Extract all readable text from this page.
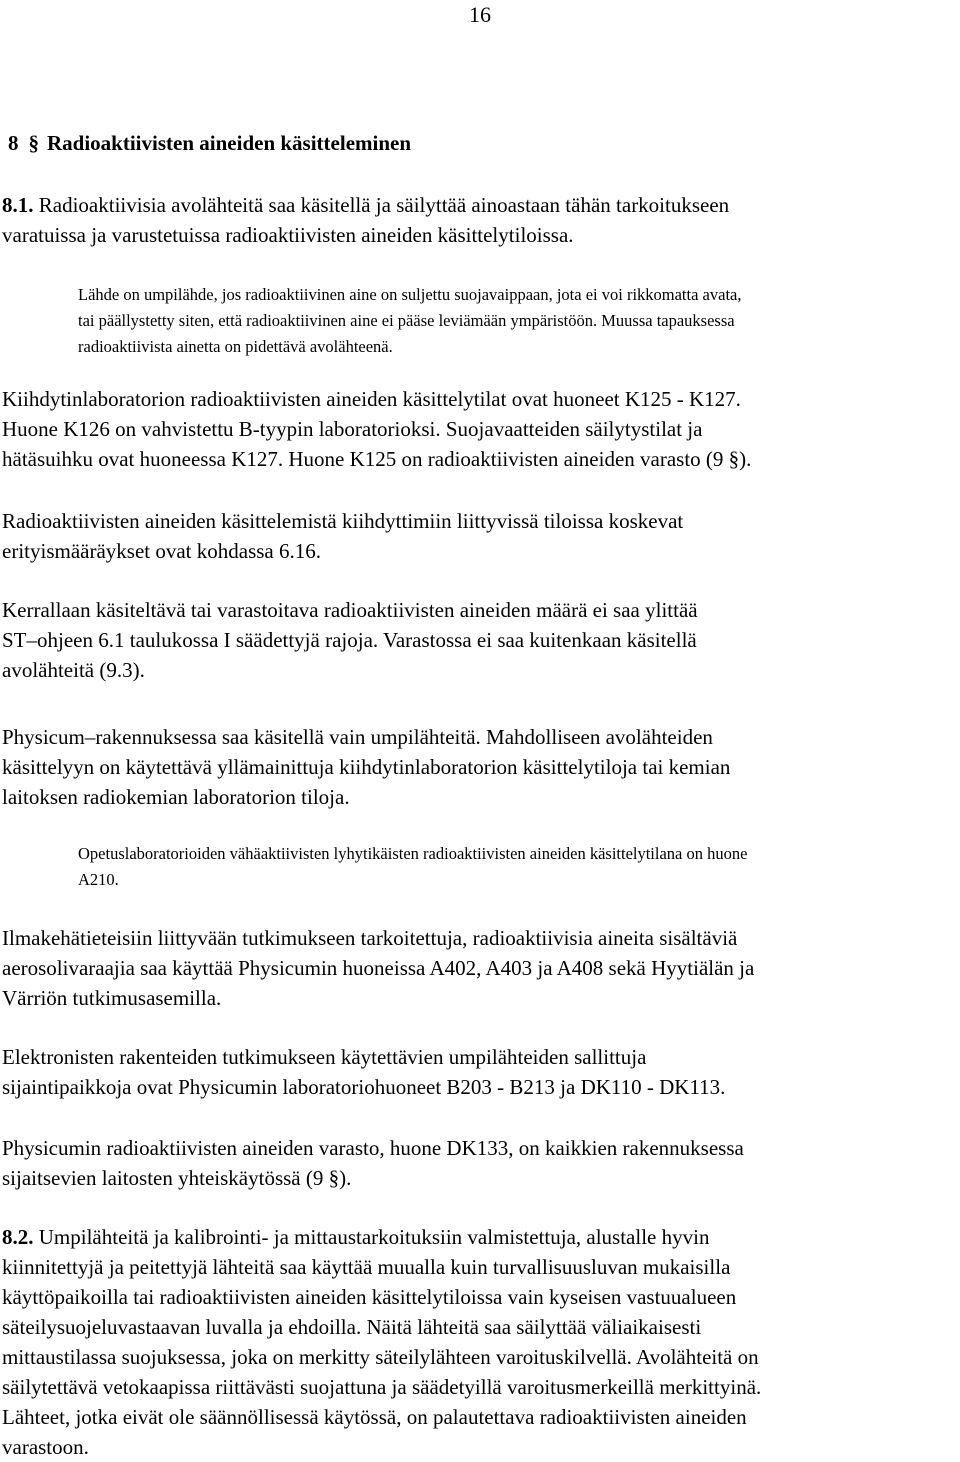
16
8 § Radioaktiivisten aineiden käsitteleminen

8.1. Radioaktiivisia avolähteitä saa käsitellä ja säilyttää ainoastaan tähän tarkoitukseen
varatuissa ja varustetuissa radioaktiivisten aineiden käsittelytiloissa.

Lähde on umpilähde, jos radioaktiivinen aine on suljettu suojavaippaan, jota ei voi rikkomatta avata,
tai päällystetty siten, että radioaktiivinen aine ei pääse leviämään ympäristöön. Muussa tapauksessa
radioaktiivista ainetta on pidettävä avolähteenä.

Kiihdytinlaboratorion radioaktiivisten aineiden käsittelytilat ovat huoneet K125 - K127.
Huone K126 on vahvistettu B-tyypin laboratorioksi. Suojavaatteiden säilytystilat ja
hätäsuihku ovat huoneessa K127. Huone K125 on radioaktiivisten aineiden varasto (9 §).

Radioaktiivisten aineiden käsittelemistä kiihdyttimiin liittyvissä tiloissa koskevat
erityismääräykset ovat kohdassa 6.16.

Kerrallaan käsiteltävä tai varastoitava radioaktiivisten aineiden määrä ei saa ylittää
ST–ohjeen 6.1 taulukossa I säädettyjä rajoja. Varastossa ei saa kuitenkaan käsitellä
avolähteitä (9.3).

Physicum–rakennuksessa saa käsitellä vain umpilähteitä. Mahdolliseen avolähteiden
käsittelyyn on käytettävä yllämainittuja kiihdytinlaboratorion käsittelytiloja tai kemian
laitoksen radiokemian laboratorion tiloja.

Opetuslaboratorioiden vähäaktiivisten lyhytikäisten radioaktiivisten aineiden käsittelytilana on huone
A210.

Ilmakehätieteisiin liittyvään tutkimukseen tarkoitettuja, radioaktiivisia aineita sisältäviä
aerosolivaraajia saa käyttää Physicumin huoneissa A402, A403 ja A408 sekä Hyytiälän ja
Värriön tutkimusasemilla.

Elektronisten rakenteiden tutkimukseen käytettävien umpilähteiden sallittuja
sijaintipaikkoja ovat Physicumin laboratoriohuoneet B203 - B213 ja DK110 - DK113.

Physicumin radioaktiivisten aineiden varasto, huone DK133, on kaikkien rakennuksessa
sijaitsevien laitosten yhteiskäytössä (9 §).

8.2. Umpilähteitä ja kalibrointi- ja mittaustarkoituksiin valmistettuja, alustalle hyvin
kiinnitettyjä ja peitettyjä lähteitä saa käyttää muualla kuin turvallisuusluvan mukaisilla
käyttöpaikoilla tai radioaktiivisten aineiden käsittelytiloissa vain kyseisen vastuualueen
säteilysuojeluvastaavan luvalla ja ehdoilla. Näitä lähteitä saa säilyttää väliaikaisesti
mittaustilassa suojuksessa, joka on merkitty säteilylähteen varoituskilvellä. Avolähteitä on
säilytettävä vetokaapissa riittävästi suojattuna ja säädetyillä varoitusmerkeillä merkittyinä.
Lähteet, jotka eivät ole säännöllisessä käytössä, on palautettava radioaktiivisten aineiden
varastoon.
